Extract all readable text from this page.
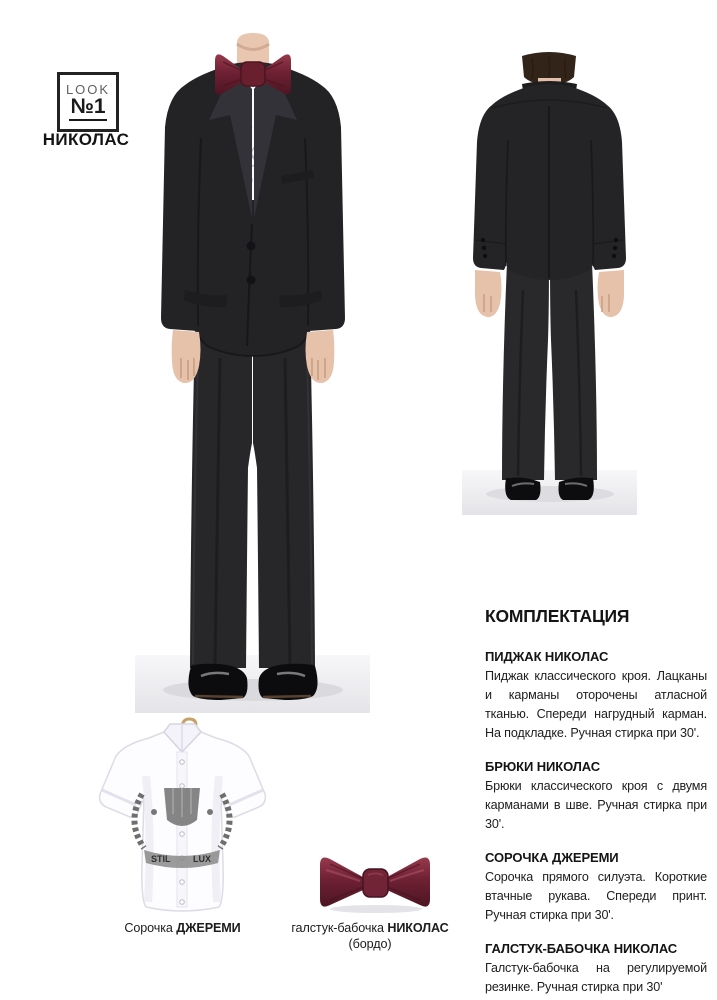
LOOK
№1
НИКОЛАС
STIL	LUX
Сорочка ДЖЕРЕМИ	галстук-бабочка НИКОЛАС
(бордо)
КОМПЛЕКТАЦИЯ

ПИДЖАК НИКОЛАС

Пиджак классического кроя. Лацканы и карманы оторочены атласной тканью. Спереди нагрудный карман. На подкладке. Ручная стирка при 30'.

БРЮКИ НИКОЛАС

Брюки классического кроя с двумя карманами в шве. Ручная стирка при 30'.

СОРОЧКА ДЖЕРЕМИ

Сорочка прямого силуэта. Короткие втачные рукава. Спереди принт. Ручная стирка при 30'.

ГАЛСТУК-БАБОЧКА НИКОЛАС

Галстук-бабочка на регулируемой резинке. Ручная стирка при 30'
